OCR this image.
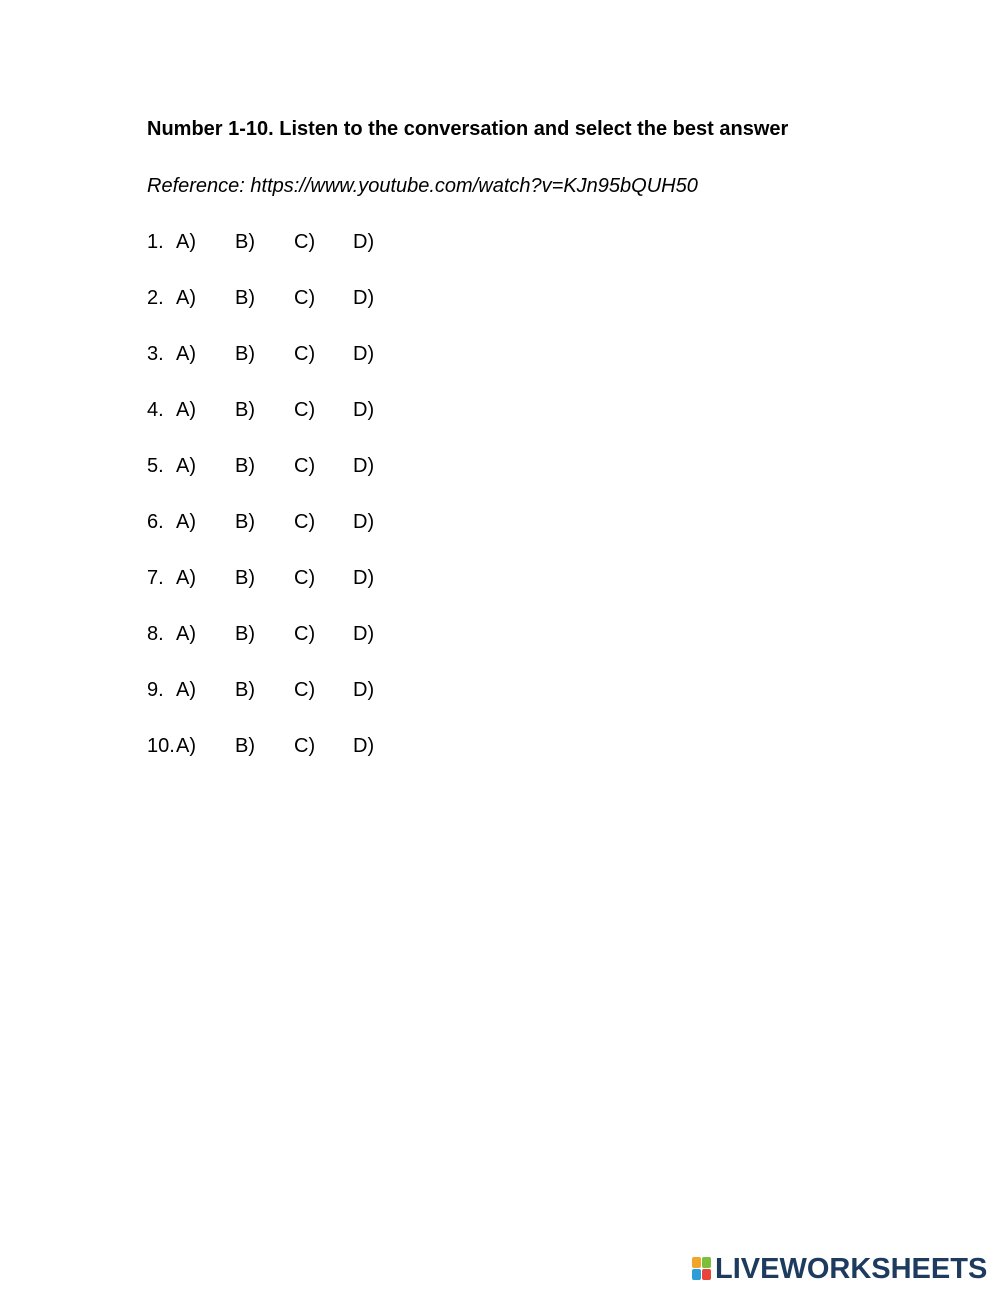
Number 1-10. Listen to the conversation and select the best answer
Reference: https://www.youtube.com/watch?v=KJn95bQUH50
1. A) B) C) D)
2. A) B) C) D)
3. A) B) C) D)
4. A) B) C) D)
5. A) B) C) D)
6. A) B) C) D)
7. A) B) C) D)
8. A) B) C) D)
9. A) B) C) D)
10. A) B) C) D)
LIVEWORKSHEETS
